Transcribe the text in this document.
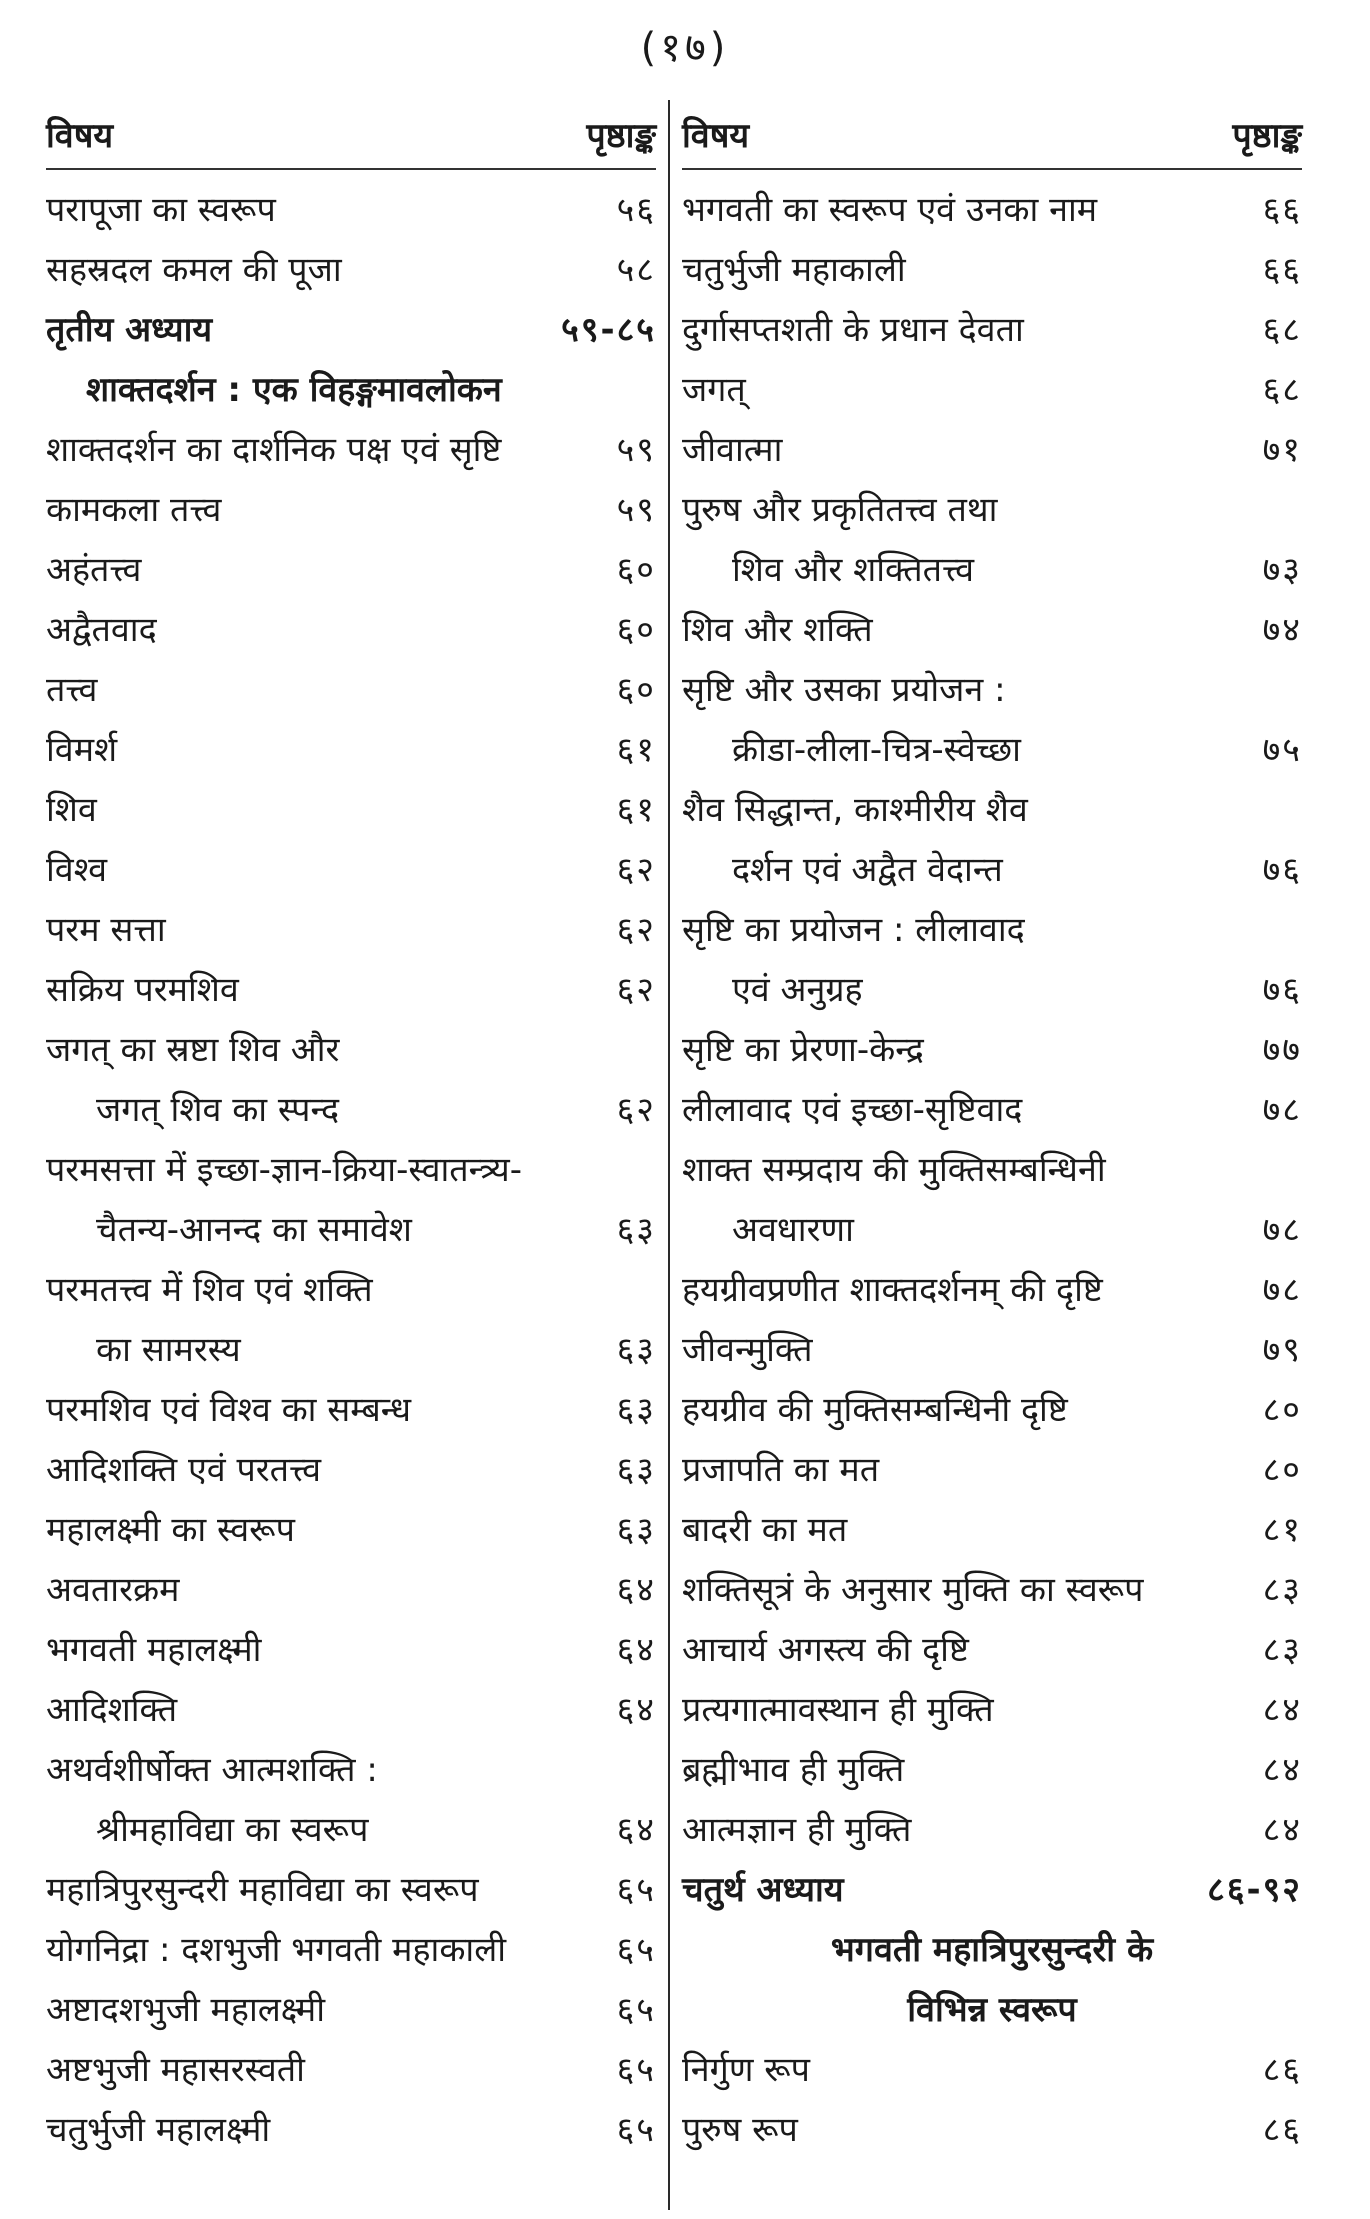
(१७)
विषय	पृष्ठाङ्क
परापूजा का स्वरूप	५६
सहस्रदल कमल की पूजा	५८
तृतीय अध्याय	५९-८५
शाक्तदर्शन : एक विहङ्गमावलोकन
शाक्तदर्शन का दार्शनिक पक्ष एवं सृष्टि	५९
कामकला तत्त्व	५९
अहंतत्त्व	६०
अद्वैतवाद	६०
तत्त्व	६०
विमर्श	६१
शिव	६१
विश्व	६२
परम सत्ता	६२
सक्रिय परमशिव	६२
जगत् का स्रष्टा शिव और
जगत् शिव का स्पन्द	६२
परमसत्ता में इच्छा-ज्ञान-क्रिया-स्वातन्त्र्य-
चैतन्य-आनन्द का समावेश	६३
परमतत्त्व में शिव एवं शक्ति
का सामरस्य	६३
परमशिव एवं विश्व का सम्बन्ध	६३
आदिशक्ति एवं परतत्त्व	६३
महालक्ष्मी का स्वरूप	६३
अवतारक्रम	६४
भगवती महालक्ष्मी	६४
आदिशक्ति	६४
अथर्वशीर्षोक्त आत्मशक्ति :
श्रीमहाविद्या का स्वरूप	६४
महात्रिपुरसुन्दरी महाविद्या का स्वरूप	६५
योगनिद्रा : दशभुजी भगवती महाकाली	६५
अष्टादशभुजी महालक्ष्मी	६५
अष्टभुजी महासरस्वती	६५
चतुर्भुजी महालक्ष्मी	६५
विषय	पृष्ठाङ्क
भगवती का स्वरूप एवं उनका नाम	६६
चतुर्भुजी महाकाली	६६
दुर्गासप्तशती के प्रधान देवता	६८
जगत्	६८
जीवात्मा	७१
पुरुष और प्रकृतितत्त्व तथा
शिव और शक्तितत्त्व	७३
शिव और शक्ति	७४
सृष्टि और उसका प्रयोजन :
क्रीडा-लीला-चित्र-स्वेच्छा	७५
शैव सिद्धान्त, काश्मीरीय शैव
दर्शन एवं अद्वैत वेदान्त	७६
सृष्टि का प्रयोजन : लीलावाद
एवं अनुग्रह	७६
सृष्टि का प्रेरणा-केन्द्र	७७
लीलावाद एवं इच्छा-सृष्टिवाद	७८
शाक्त सम्प्रदाय की मुक्तिसम्बन्धिनी
अवधारणा	७८
हयग्रीवप्रणीत शाक्तदर्शनम् की दृष्टि	७८
जीवन्मुक्ति	७९
हयग्रीव की मुक्तिसम्बन्धिनी दृष्टि	८०
प्रजापति का मत	८०
बादरी का मत	८१
शक्तिसूत्रं के अनुसार मुक्ति का स्वरूप	८३
आचार्य अगस्त्य की दृष्टि	८३
प्रत्यगात्मावस्थान ही मुक्ति	८४
ब्रह्मीभाव ही मुक्ति	८४
आत्मज्ञान ही मुक्ति	८४
चतुर्थ अध्याय	८६-९२
भगवती महात्रिपुरसुन्दरी के
विभिन्न स्वरूप
निर्गुण रूप	८६
पुरुष रूप	८६
